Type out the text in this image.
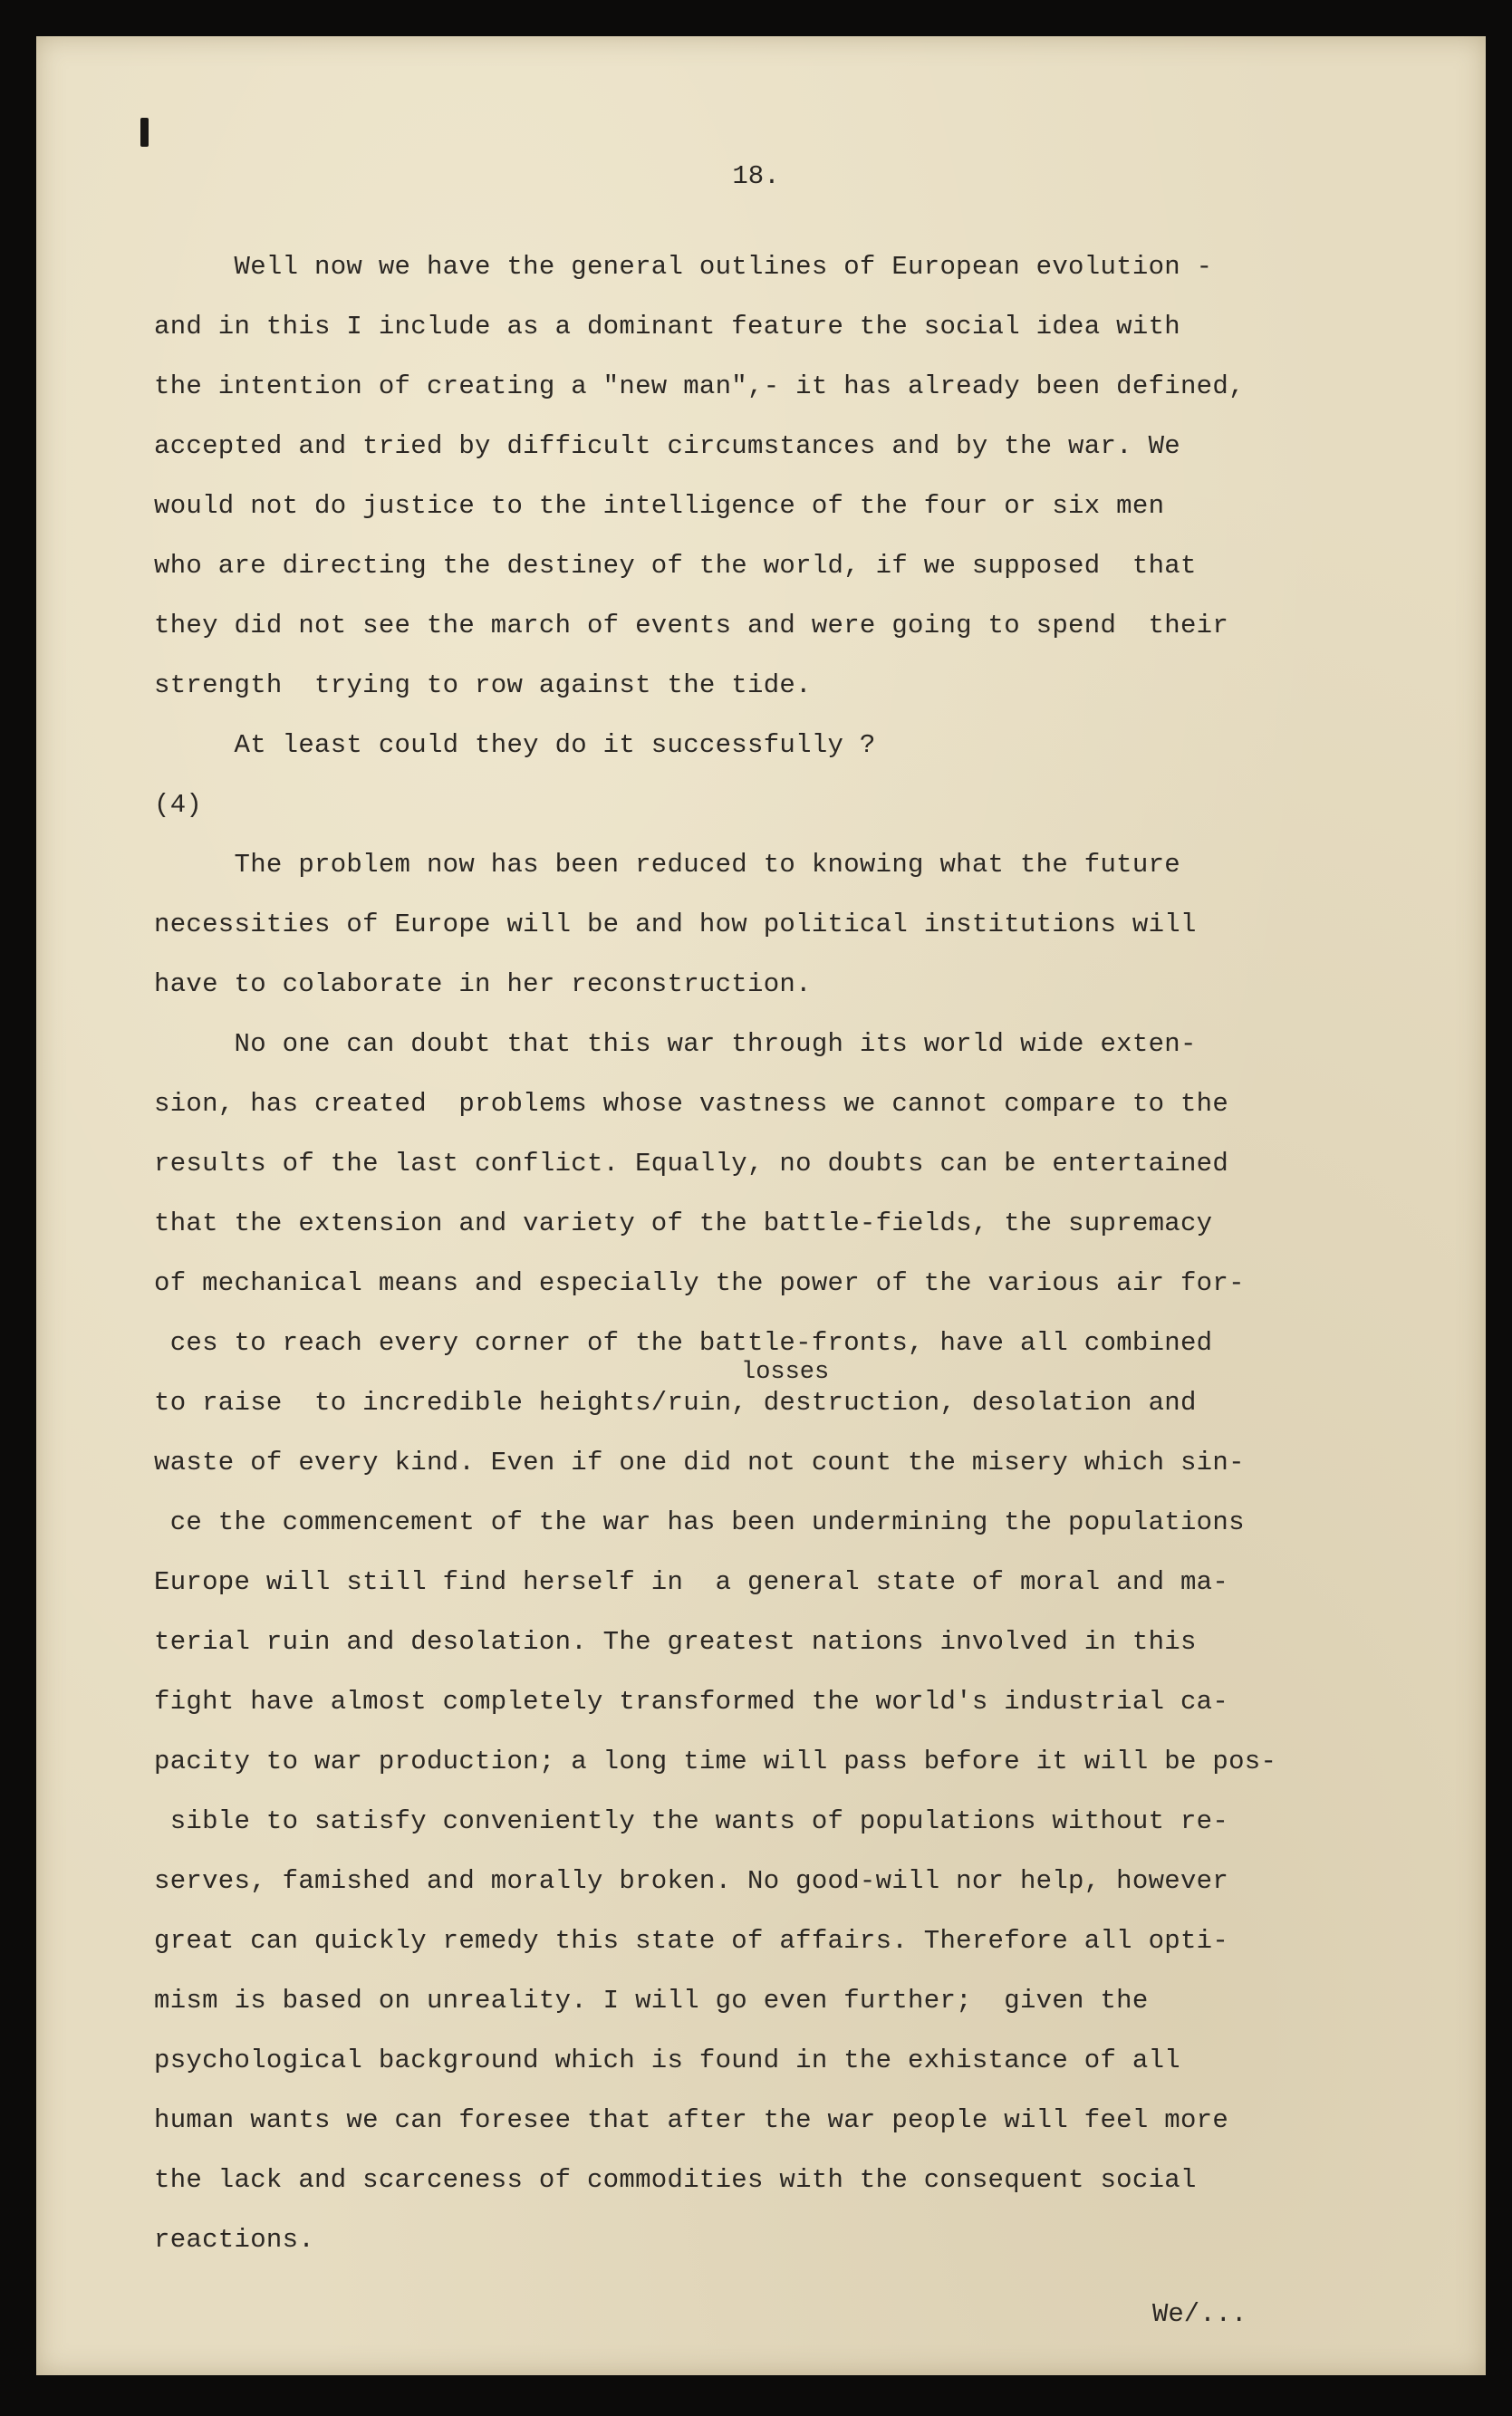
18.
Well now we have the general outlines of European evolution -
and in this I include as a dominant feature the social idea with
the intention of creating a "new man",- it has already been defined,
accepted and tried by difficult circumstances and by the war. We
would not do justice to the intelligence of the four or six men
who are directing the destiney of the world, if we supposed  that
they did not see the march of events and were going to spend  their
strength  trying to row against the tide.
At least could they do it successfully ?
(4)
The problem now has been reduced to knowing what the future
necessities of Europe will be and how political institutions will
have to colaborate in her reconstruction.
No one can doubt that this war through its world wide exten-
sion, has created  problems whose vastness we cannot compare to the
results of the last conflict. Equally, no doubts can be entertained
that the extension and variety of the battle-fields, the supremacy
of mechanical means and especially the power of the various air for-
ces to reach every corner of the battle-fronts, have all combined
losses
to raise  to incredible heights/ruin, destruction, desolation and
waste of every kind. Even if one did not count the misery which sin-
ce the commencement of the war has been undermining the populations
Europe will still find herself in  a general state of moral and ma-
terial ruin and desolation. The greatest nations involved in this
fight have almost completely transformed the world's industrial ca-
pacity to war production; a long time will pass before it will be pos-
sible to satisfy conveniently the wants of populations without re-
serves, famished and morally broken. No good-will nor help, however
great can quickly remedy this state of affairs. Therefore all opti-
mism is based on unreality. I will go even further;  given the
psychological background which is found in the exhistance of all
human wants we can foresee that after the war people will feel more
the lack and scarceness of commodities with the consequent social
reactions.
We/...
